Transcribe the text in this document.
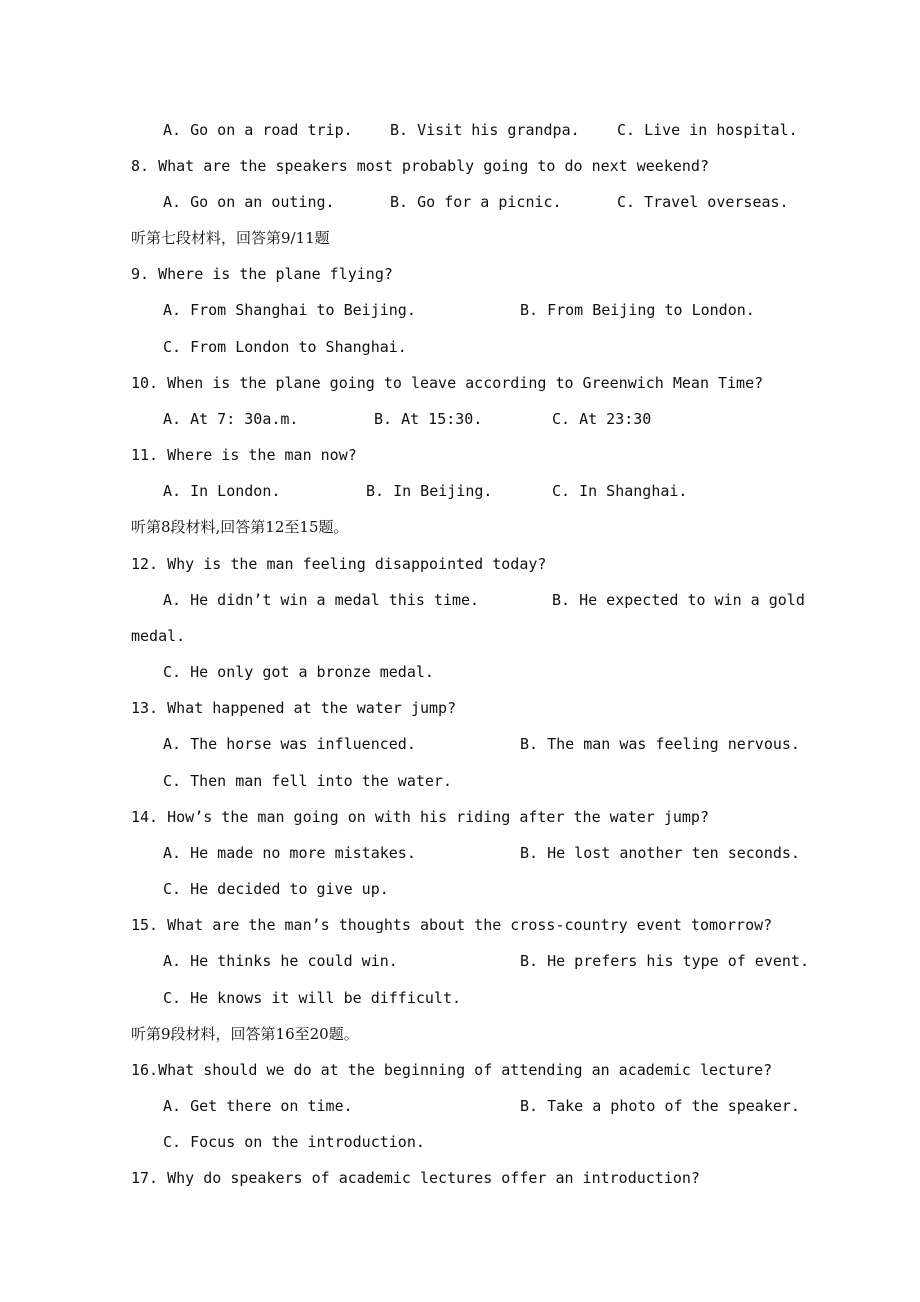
A. Go on a road trip. B. Visit his grandpa. C. Live in hospital.
8. What are the speakers most probably going to do next weekend?
A. Go on an outing.	B. Go for a picnic.	C. Travel overseas.
听第七段材料，回答第9/11题
9. Where is the plane flying?
A. From Shanghai to Beijing.	B. From Beijing to London.
C. From London to Shanghai.
10. When is the plane going to leave according to Greenwich Mean Time?
A. At 7: 30a.m.	B. At 15:30.	C. At 23:30
11. Where is the man now?
A. In London.	B. In Beijing.	C. In Shanghai.
听第8段材料,回答第12至15题。
12. Why is the man feeling disappointed today?
A. He didn’t win a medal this time.	B. He expected to win a gold
medal.
C. He only got a bronze medal.
13. What happened at the water jump?
A. The horse was influenced.	B. The man was feeling nervous.
C. Then man fell into the water.
14. How’s the man going on with his riding after the water jump?
A. He made no more mistakes.	B. He lost another ten seconds.
C. He decided to give up.
15. What are the man’s thoughts about the cross-country event tomorrow?
A. He thinks he could win.	B. He prefers his type of event.
C. He knows it will be difficult.
听第9段材料，回答第16至20题。
16.What should we do at the beginning of attending an academic lecture?
A. Get there on time.	B. Take a photo of the speaker.
C. Focus on the introduction.
17. Why do speakers of academic lectures offer an introduction?
